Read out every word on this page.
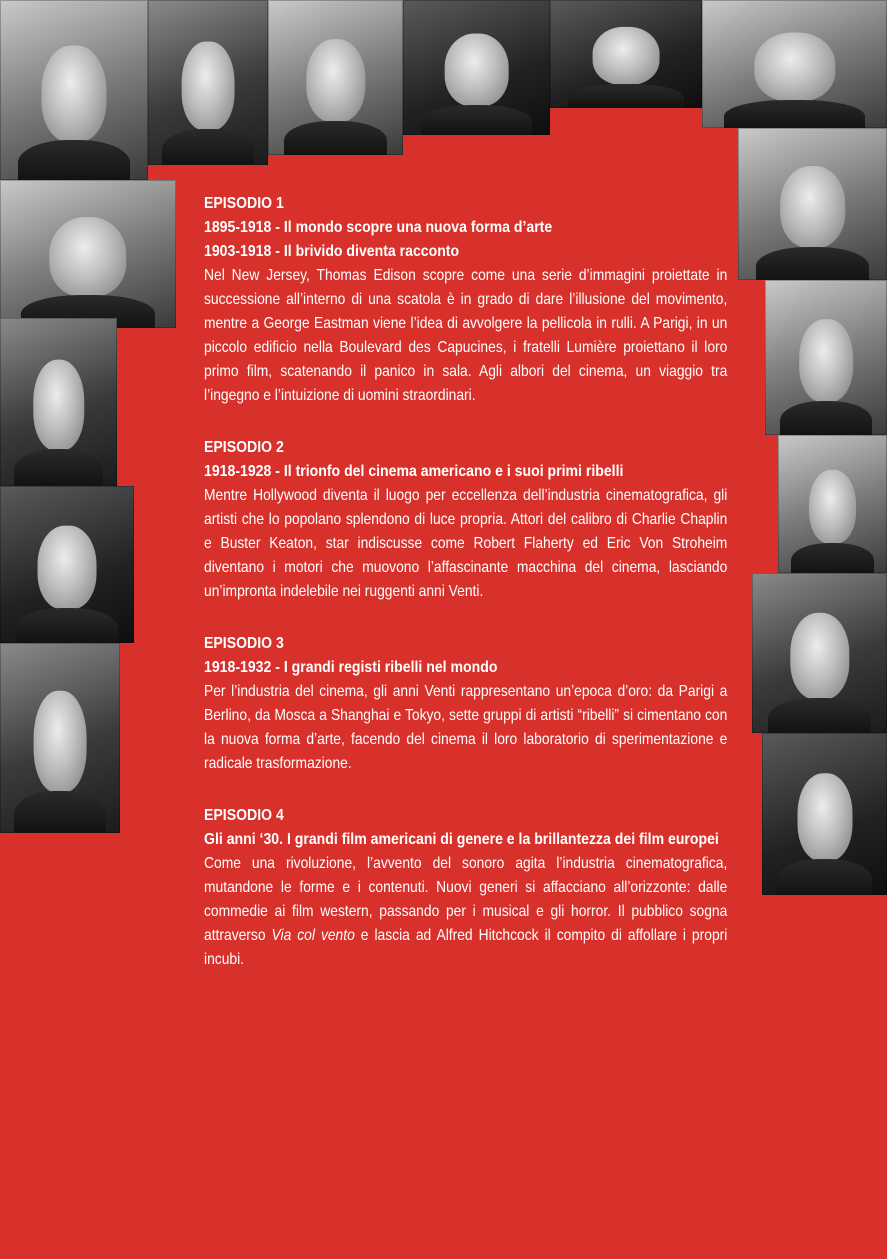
EPISODIO 1
1895-1918 - Il mondo scopre una nuova forma d’arte
1903-1918 - Il brivido diventa racconto
Nel New Jersey, Thomas Edison scopre come una serie d’immagini proiettate in successione all’interno di una scatola è in grado di dare l’illusione del movimento, mentre a George Eastman viene l’idea di avvolgere la pellicola in rulli. A Parigi, in un piccolo edificio nella Boulevard des Capucines, i fratelli Lumière proiettano il loro primo film, scatenando il panico in sala. Agli albori del cinema, un viaggio tra l’ingegno e l’intuizione di uomini straordinari.
EPISODIO 2
1918-1928 - Il trionfo del cinema americano e i suoi primi ribelli
Mentre Hollywood diventa il luogo per eccellenza dell’industria cinematografica, gli artisti che lo popolano splendono di luce propria. Attori del calibro di Charlie Chaplin e Buster Keaton, star indiscusse come Robert Flaherty ed Eric Von Stroheim diventano i motori che muovono l’affascinante macchina del cinema, lasciando un’impronta indelebile nei ruggenti anni Venti.
EPISODIO 3
1918-1932 - I grandi registi ribelli nel mondo
Per l’industria del cinema, gli anni Venti rappresentano un’epoca d’oro: da Parigi a Berlino, da Mosca a Shanghai e Tokyo, sette gruppi di artisti “ribelli” si cimentano con la nuova forma d’arte, facendo del cinema il loro laboratorio di sperimentazione e radicale trasformazione.
EPISODIO 4
Gli anni ‘30. I grandi film americani di genere e la brillantezza dei film europei
Come una rivoluzione, l’avvento del sonoro agita l’industria cinematografica, mutandone le forme e i contenuti. Nuovi generi si affacciano all’orizzonte: dalle commedie ai film western, passando per i musical e gli horror. Il pubblico sogna attraverso Via col vento e lascia ad Alfred Hitchcock il compito di affollare i propri incubi.
